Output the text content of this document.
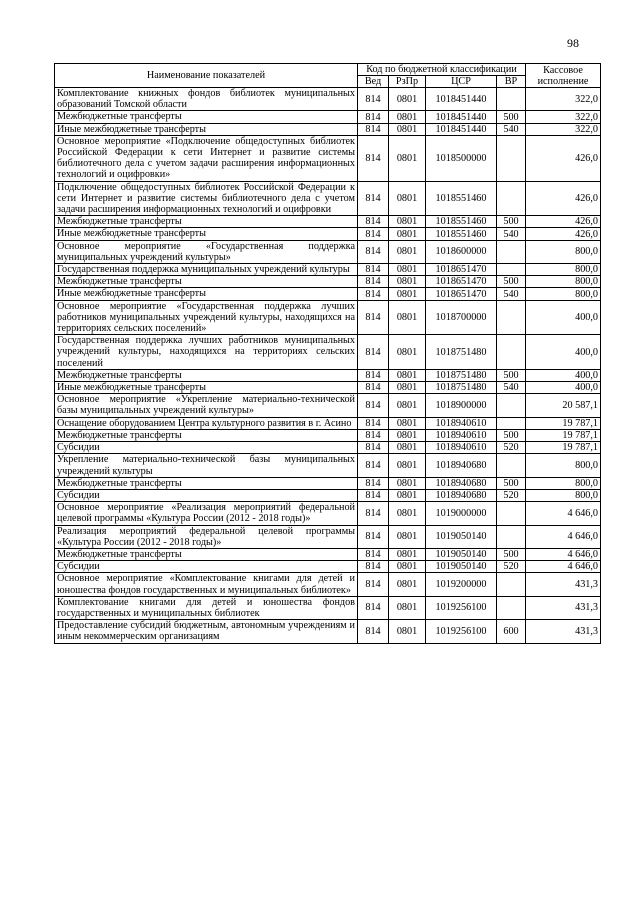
98
Наименование показателей	Код по бюджетной классификации				Кассовое исполнение
	Вед	РзПр	ЦСР	ВР	
Комплектование книжных фондов библиотек муниципальных образований Томской области	814	0801	1018451440		322,0
Межбюджетные трансферты	814	0801	1018451440	500	322,0
Иные межбюджетные трансферты	814	0801	1018451440	540	322,0
Основное мероприятие «Подключение общедоступных библиотек Российской Федерации к сети Интернет и развитие системы библиотечного дела с учетом задачи расширения информационных технологий и оцифровки»	814	0801	1018500000		426,0
Подключение общедоступных библиотек Российской Федерации к сети Интернет и развитие системы библиотечного дела с учетом задачи расширения информационных технологий и оцифровки	814	0801	1018551460		426,0
Межбюджетные трансферты	814	0801	1018551460	500	426,0
Иные межбюджетные трансферты	814	0801	1018551460	540	426,0
Основное мероприятие «Государственная поддержка муниципальных учреждений культуры»	814	0801	1018600000		800,0
Государственная поддержка муниципальных учреждений культуры	814	0801	1018651470		800,0
Межбюджетные трансферты	814	0801	1018651470	500	800,0
Иные межбюджетные трансферты	814	0801	1018651470	540	800,0
Основное мероприятие «Государственная поддержка лучших работников муниципальных учреждений культуры, находящихся на территориях сельских поселений»	814	0801	1018700000		400,0
Государственная поддержка лучших работников муниципальных учреждений культуры, находящихся на территориях сельских поселений	814	0801	1018751480		400,0
Межбюджетные трансферты	814	0801	1018751480	500	400,0
Иные межбюджетные трансферты	814	0801	1018751480	540	400,0
Основное мероприятие «Укрепление материально-технической базы муниципальных учреждений культуры»	814	0801	1018900000		20 587,1
Оснащение оборудованием Центра культурного развития в г. Асино	814	0801	1018940610		19 787,1
Межбюджетные трансферты	814	0801	1018940610	500	19 787,1
Субсидии	814	0801	1018940610	520	19 787,1
Укрепление материально-технической базы муниципальных учреждений культуры	814	0801	1018940680		800,0
Межбюджетные трансферты	814	0801	1018940680	500	800,0
Субсидии	814	0801	1018940680	520	800,0
Основное мероприятие «Реализация мероприятий федеральной целевой программы «Культура России (2012 - 2018 годы)»	814	0801	1019000000		4 646,0
Реализация мероприятий федеральной целевой программы «Культура России (2012 - 2018 годы)»	814	0801	1019050140		4 646,0
Межбюджетные трансферты	814	0801	1019050140	500	4 646,0
Субсидии	814	0801	1019050140	520	4 646,0
Основное мероприятие «Комплектование книгами для детей и юношества фондов государственных и муниципальных библиотек»	814	0801	1019200000		431,3
Комплектование книгами для детей и юношества фондов государственных и муниципальных библиотек	814	0801	1019256100		431,3
Предоставление субсидий бюджетным, автономным учреждениям и иным некоммерческим организациям	814	0801	1019256100	600	431,3
